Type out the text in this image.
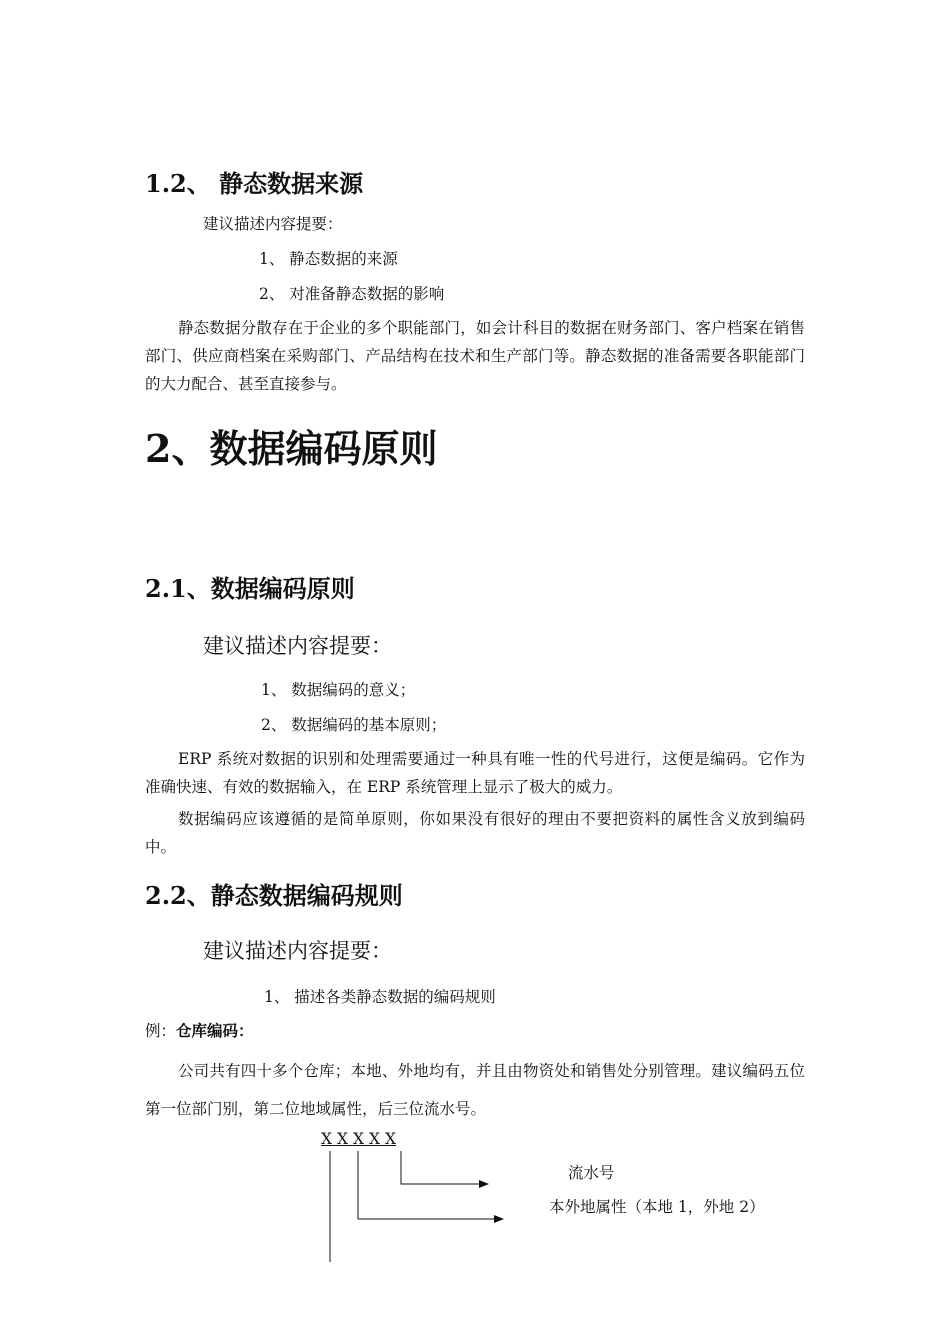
1.2、 静态数据来源
建议描述内容提要：
1、 静态数据的来源
2、 对准备静态数据的影响
静态数据分散存在于企业的多个职能部门，如会计科目的数据在财务部门、客户档案在销售部门、供应商档案在采购部门、产品结构在技术和生产部门等。静态数据的准备需要各职能部门的大力配合、甚至直接参与。
2、数据编码原则
2.1、数据编码原则
建议描述内容提要：
1、 数据编码的意义；
2、 数据编码的基本原则；
ERP 系统对数据的识别和处理需要通过一种具有唯一性的代号进行，这便是编码。它作为准确快速、有效的数据输入，在 ERP 系统管理上显示了极大的威力。
数据编码应该遵循的是简单原则，你如果没有很好的理由不要把资料的属性含义放到编码中。
2.2、静态数据编码规则
建议描述内容提要：
1、 描述各类静态数据的编码规则
例：仓库编码：
公司共有四十多个仓库；本地、外地均有，并且由物资处和销售处分别管理。建议编码五位第一位部门别，第二位地域属性，后三位流水号。
X X X X X
流水号
本外地属性（本地 1，外地 2）
